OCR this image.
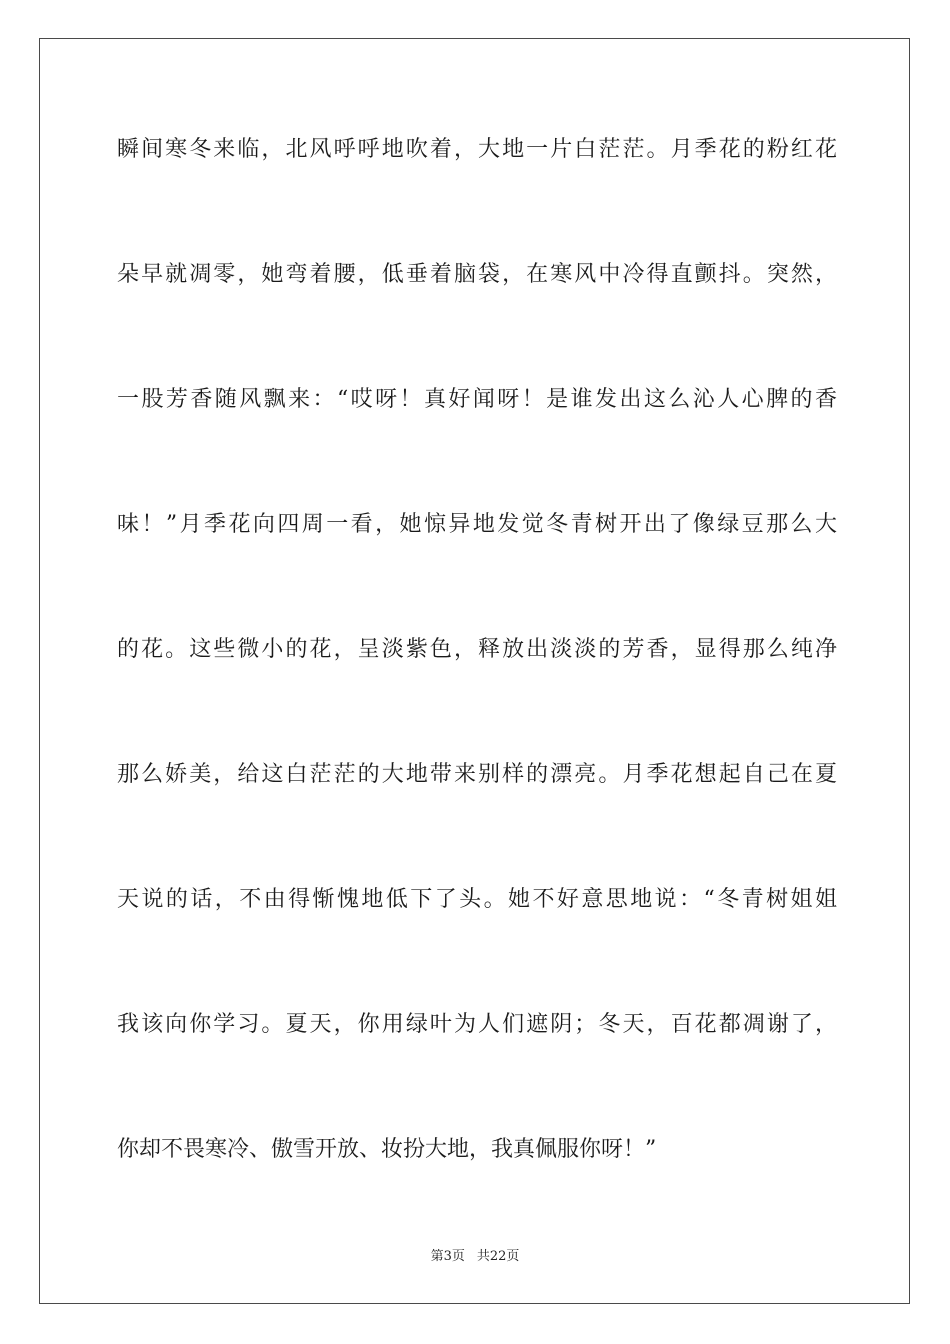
瞬间寒冬来临，北风呼呼地吹着，大地一片白茫茫。月季花的粉红花
朵早就凋零，她弯着腰，低垂着脑袋，在寒风中冷得直颤抖。突然，
一股芳香随风飘来：“哎呀！真好闻呀！是谁发出这么沁人心脾的香
味！”月季花向四周一看，她惊异地发觉冬青树开出了像绿豆那么大
的花。这些微小的花，呈淡紫色，释放出淡淡的芳香，显得那么纯净
那么娇美，给这白茫茫的大地带来别样的漂亮。月季花想起自己在夏
天说的话，不由得惭愧地低下了头。她不好意思地说：“冬青树姐姐
我该向你学习。夏天，你用绿叶为人们遮阴；冬天，百花都凋谢了，
你却不畏寒冷、傲雪开放、妆扮大地，我真佩服你呀！”
第3页 共22页
